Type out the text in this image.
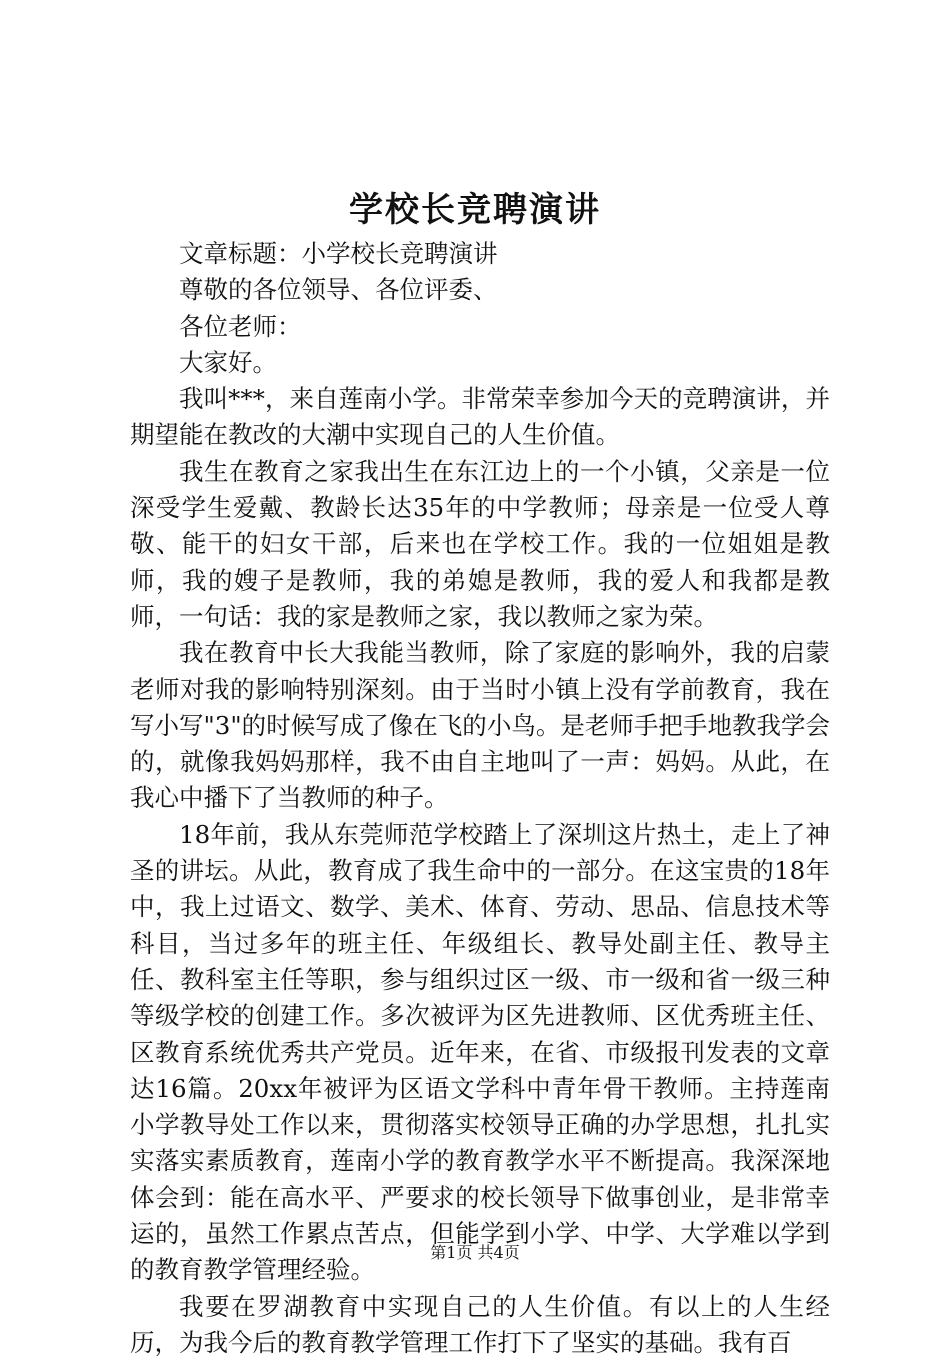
学校长竞聘演讲

文章标题：小学校长竞聘演讲

尊敬的各位领导、各位评委、

各位老师：

大家好。

我叫***，来自莲南小学。非常荣幸参加今天的竞聘演讲，并期望能在教改的大潮中实现自己的人生价值。

我生在教育之家我出生在东江边上的一个小镇，父亲是一位深受学生爱戴、教龄长达35年的中学教师；母亲是一位受人尊敬、能干的妇女干部，后来也在学校工作。我的一位姐姐是教师，我的嫂子是教师，我的弟媳是教师，我的爱人和我都是教师，一句话：我的家是教师之家，我以教师之家为荣。

我在教育中长大我能当教师，除了家庭的影响外，我的启蒙老师对我的影响特别深刻。由于当时小镇上没有学前教育，我在写小写"3"的时候写成了像在飞的小鸟。是老师手把手地教我学会的，就像我妈妈那样，我不由自主地叫了一声：妈妈。从此，在我心中播下了当教师的种子。

18年前，我从东莞师范学校踏上了深圳这片热土，走上了神圣的讲坛。从此，教育成了我生命中的一部分。在这宝贵的18年中，我上过语文、数学、美术、体育、劳动、思品、信息技术等科目，当过多年的班主任、年级组长、教导处副主任、教导主任、教科室主任等职，参与组织过区一级、市一级和省一级三种等级学校的创建工作。多次被评为区先进教师、区优秀班主任、区教育系统优秀共产党员。近年来，在省、市级报刊发表的文章达16篇。20xx年被评为区语文学科中青年骨干教师。主持莲南小学教导处工作以来，贯彻落实校领导正确的办学思想，扎扎实实落实素质教育，莲南小学的教育教学水平不断提高。我深深地体会到：能在高水平、严要求的校长领导下做事创业，是非常幸运的，虽然工作累点苦点，但能学到小学、中学、大学难以学到的教育教学管理经验。

我要在罗湖教育中实现自己的人生价值。有以上的人生经历，为我今后的教育教学管理工作打下了坚实的基础。我有百

第1页 共4页
